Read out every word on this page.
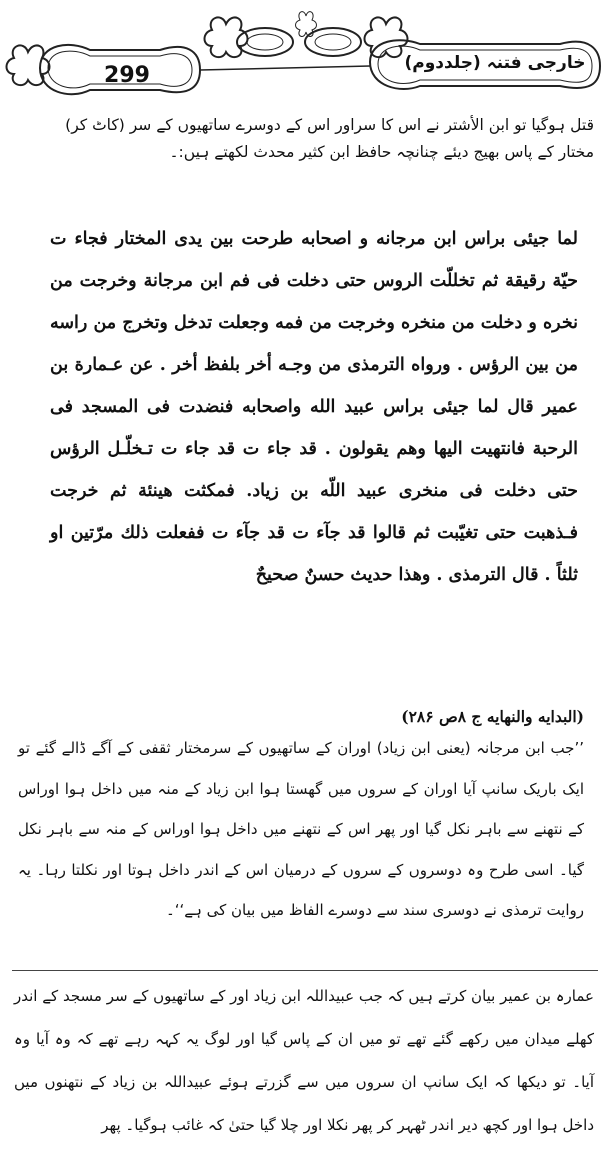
299	خارجی فتنہ (جلددوم)

قتل ہوگیا تو ابن الأشتر نے اس کا سراور اس کے دوسرے ساتھیوں کے سر (کاٹ کر)

مختار کے پاس بھیج دیئے چنانچہ حافظ ابن کثیر محدث لکھتے ہیں:۔

لما جيئى براس ابن مرجانه و اصحابه طرحت بين يدى المختار فجاء ت حيّة رقيقة ثم تخللّت الروس حتى دخلت فى فم ابن مرجانة وخرجت من نخره و دخلت من منخره وخرجت من فمه وجعلت تدخل وتخرج من راسه من بين الرؤس . ورواه الترمذى من وجـه أخر بلفظ أخر . عن عـمارة بن عمير قال لما جيئى براس عبيد الله واصحابه فنضدت فى المسجد فى الرحبة فانتهيت اليها وهم يقولون . قد جاء ت قد جاء ت تـخلّـل الرؤس حتى دخلت فى منخرى عبيد اللّه بن زياد. فمكثت هينئة ثم خرجت فـذهبت حتى تغيّبت ثم قالوا قد جآء ت قد جآء ت ففعلت ذلك مرّتين او ثلثاً . قال الترمذى . وهذا حديث حسنٌ صحيحٌ

(البدايه والنهايه ج ۸ص ۲۸۶)

’’جب ابن مرجانہ (یعنی ابن زیاد) اوران کے ساتھیوں کے سرمختار ثقفی کے آگے ڈالے گئے تو ایک باریک سانپ آیا اوران کے سروں میں گھستا ہوا ابن زیاد کے منہ میں داخل ہوا اوراس کے نتھنے سے باہر نکل گیا اور پھر اس کے نتھنے میں داخل ہوا اوراس کے منہ سے باہر نکل گیا۔ اسی طرح وہ دوسروں کے سروں کے درمیان اس کے اندر داخل ہوتا اور نکلتا رہا۔ یہ روایت ترمذی نے دوسری سند سے دوسرے الفاظ میں بیان کی ہے‘‘۔

عمارہ بن عمیر بیان کرتے ہیں کہ جب عبیداللہ ابن زیاد اور کے ساتھیوں کے سر مسجد کے اندر کھلے میدان میں رکھے گئے تھے تو میں ان کے پاس گیا اور لوگ یہ کہہ رہے تھے کہ وہ آیا وہ آیا۔ تو دیکھا کہ ایک سانپ ان سروں میں سے گزرتے ہوئے عبیداللہ بن زیاد کے نتھنوں میں داخل ہوا اور کچھ دیر اندر ٹھہر کر پھر نکلا اور چلا گیا حتیٰ کہ غائب ہوگیا۔ پھر
